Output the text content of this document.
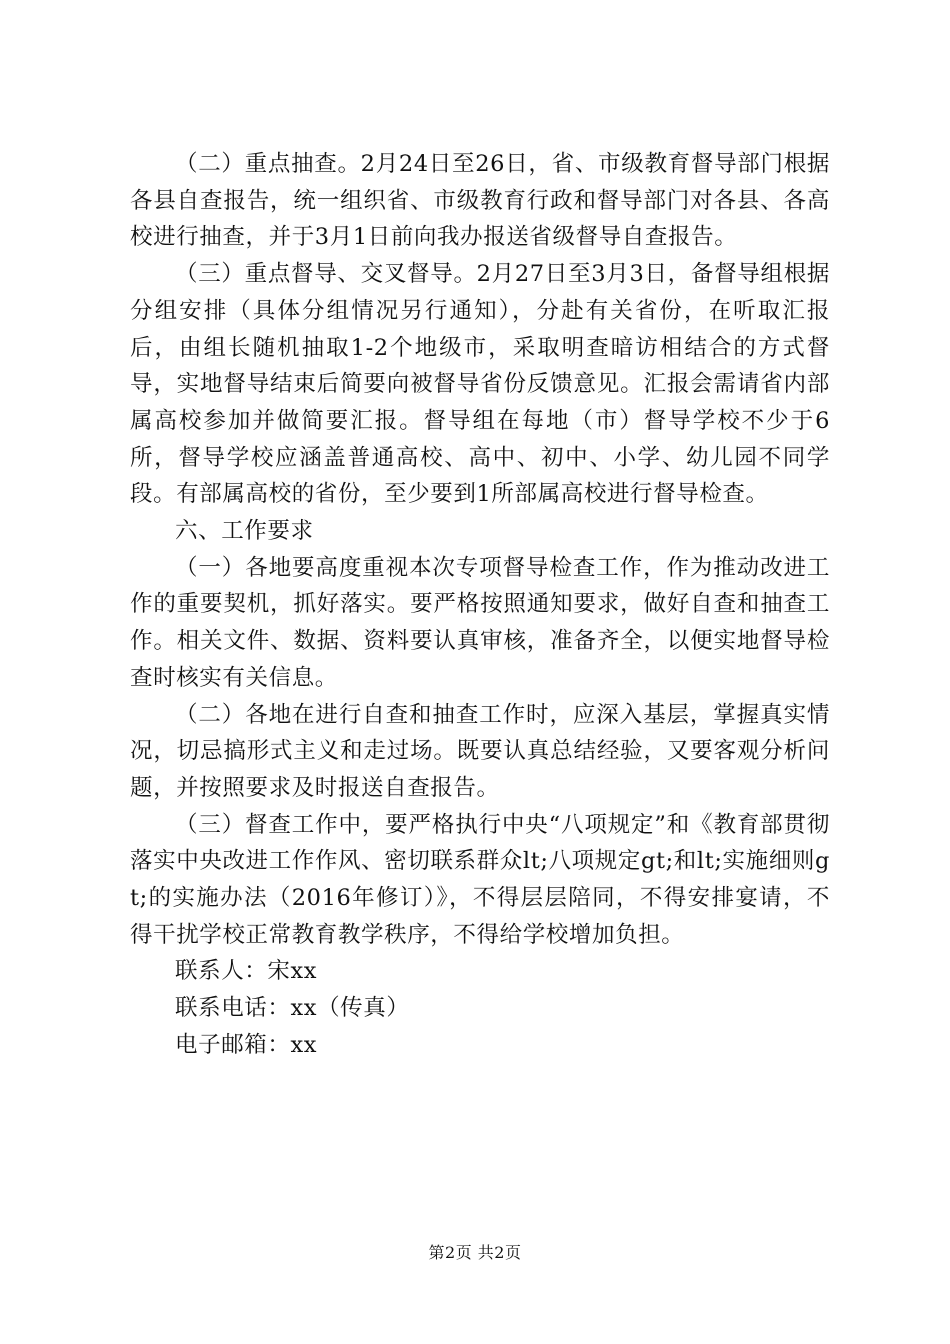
（二）重点抽查。2月24日至26日，省、市级教育督导部门根据各县自查报告，统一组织省、市级教育行政和督导部门对各县、各高校进行抽查，并于3月1日前向我办报送省级督导自查报告。

（三）重点督导、交叉督导。2月27日至3月3日，备督导组根据分组安排（具体分组情况另行通知），分赴有关省份，在听取汇报后，由组长随机抽取1-2个地级市，采取明查暗访相结合的方式督导，实地督导结束后简要向被督导省份反馈意见。汇报会需请省内部属高校参加并做简要汇报。督导组在每地（市）督导学校不少于6所，督导学校应涵盖普通高校、高中、初中、小学、幼儿园不同学段。有部属高校的省份，至少要到1所部属高校进行督导检查。

六、工作要求

（一）各地要高度重视本次专项督导检查工作，作为推动改进工作的重要契机，抓好落实。要严格按照通知要求，做好自查和抽查工作。相关文件、数据、资料要认真审核，准备齐全，以便实地督导检查时核实有关信息。

（二）各地在进行自查和抽查工作时，应深入基层，掌握真实情况，切忌搞形式主义和走过场。既要认真总结经验，又要客观分析问题，并按照要求及时报送自查报告。

（三）督查工作中，要严格执行中央“八项规定”和《教育部贯彻落实中央改进工作作风、密切联系群众lt;八项规定gt;和lt;实施细则gt;的实施办法（2016年修订）》，不得层层陪同，不得安排宴请，不得干扰学校正常教育教学秩序，不得给学校增加负担。

联系人：宋xx

联系电话：xx（传真）

电子邮箱：xx

第2页 共2页
